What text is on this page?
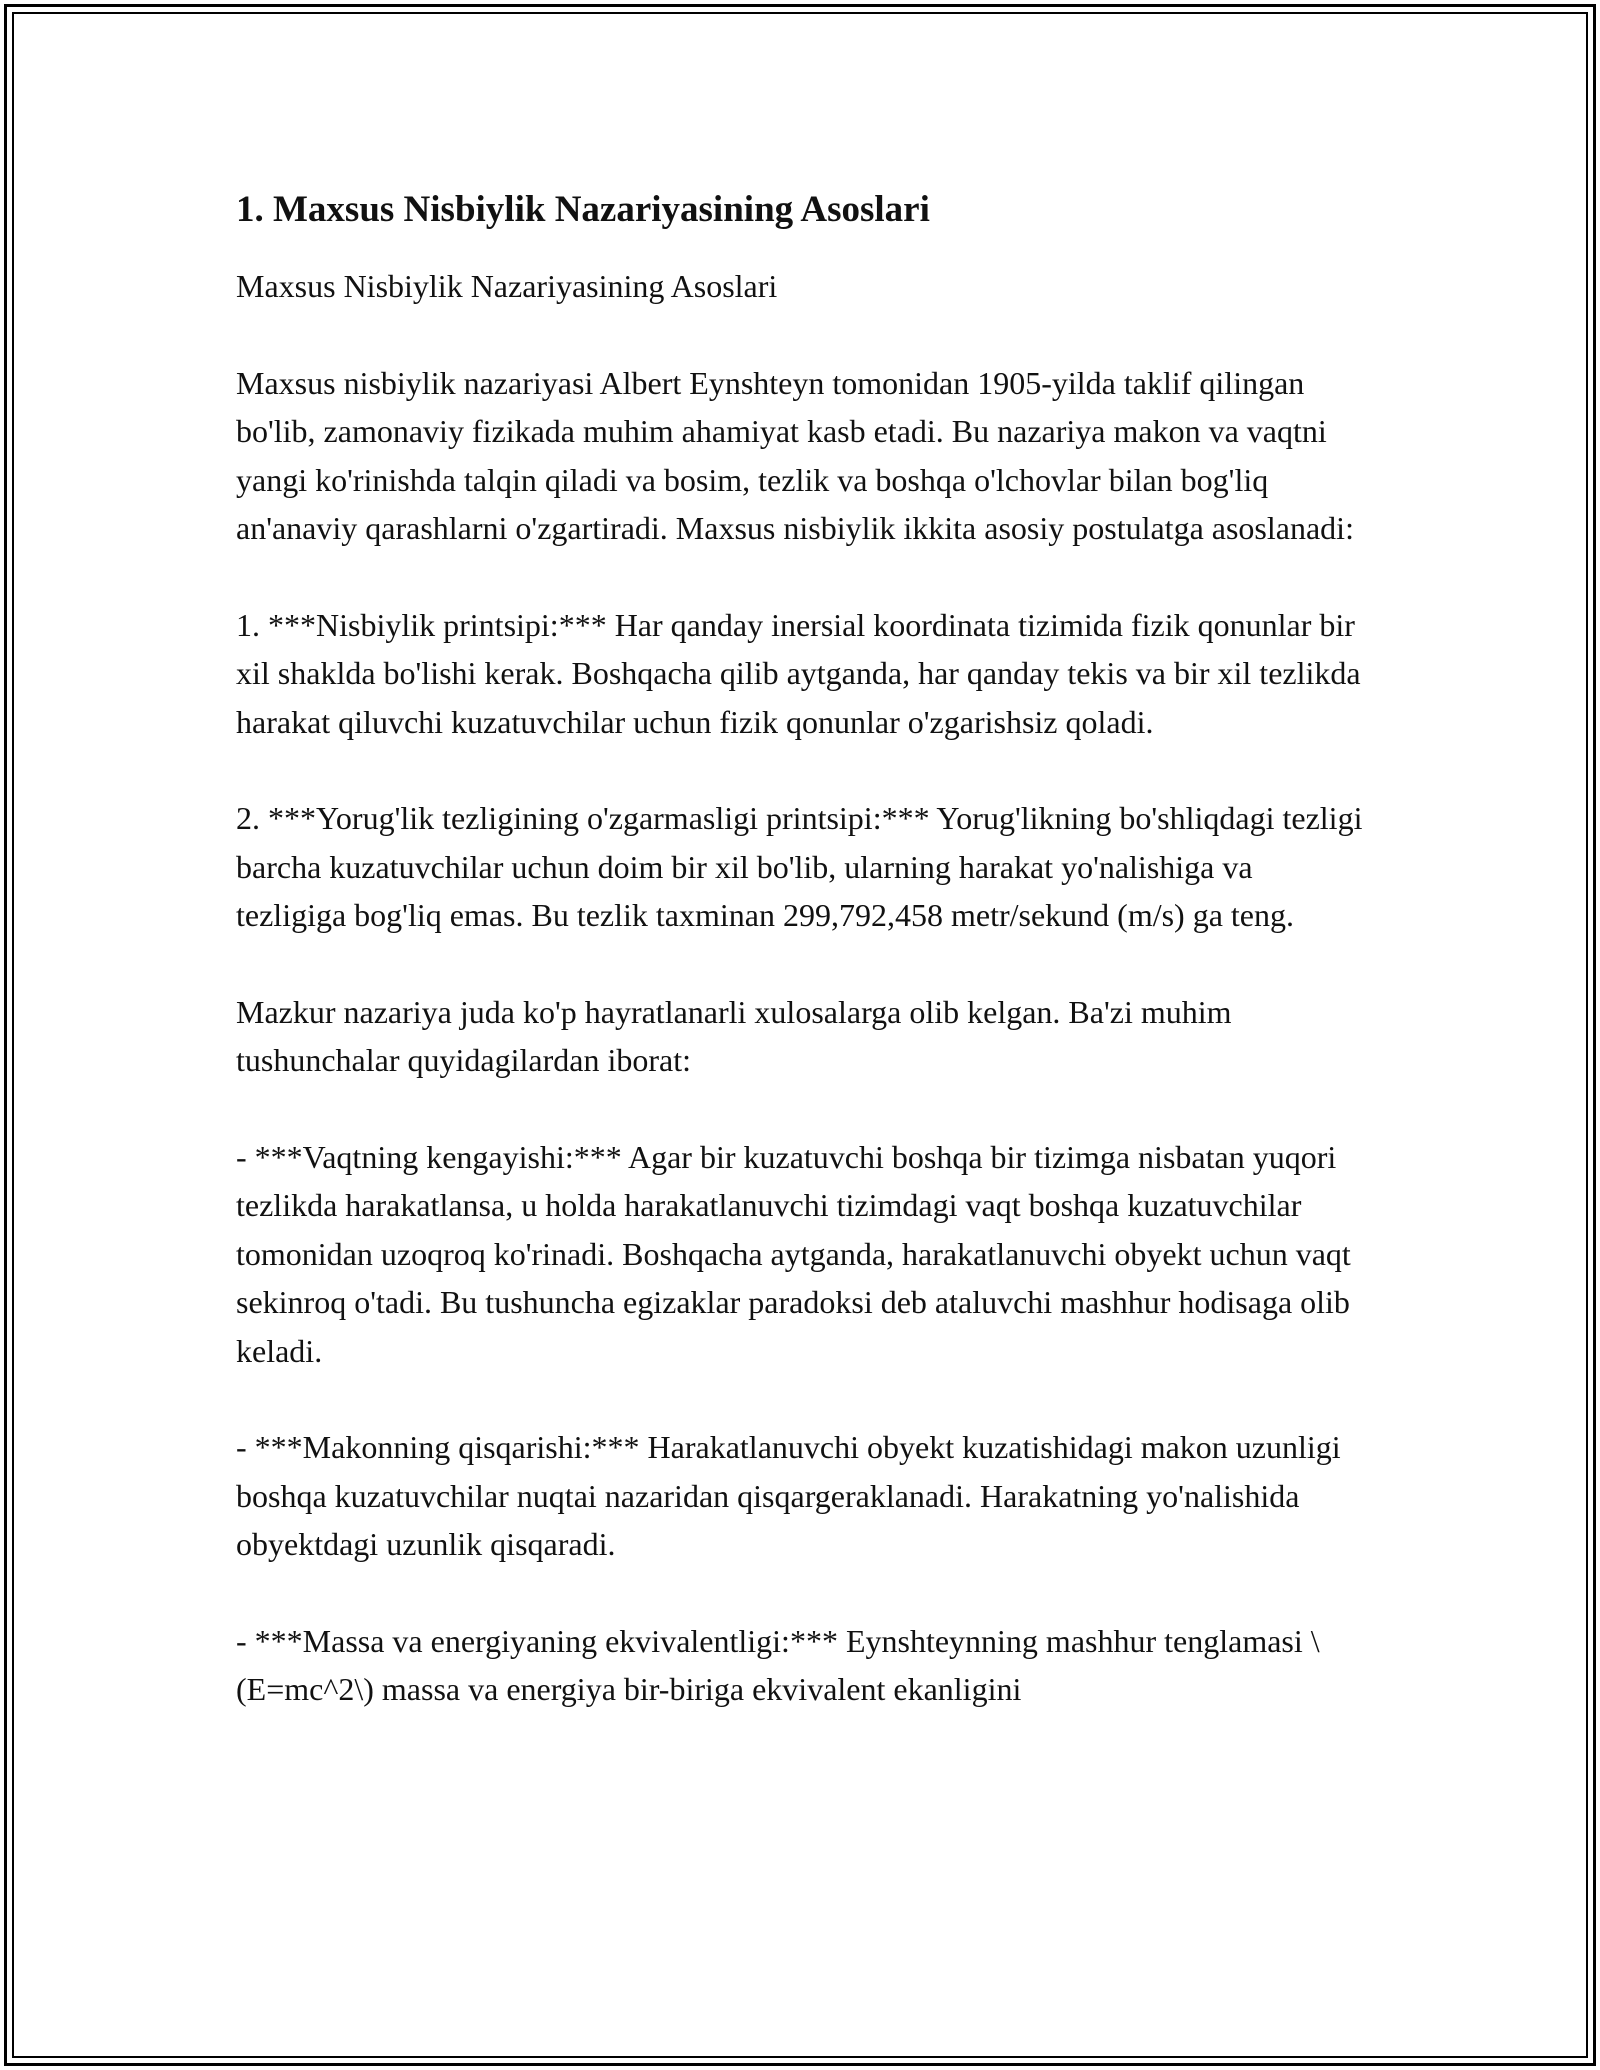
1. Maxsus Nisbiylik Nazariyasining Asoslari

Maxsus Nisbiylik Nazariyasining Asoslari

Maxsus nisbiylik nazariyasi Albert Eynshteyn tomonidan 1905-yilda taklif qilingan bo'lib, zamonaviy fizikada muhim ahamiyat kasb etadi. Bu nazariya makon va vaqtni yangi ko'rinishda talqin qiladi va bosim, tezlik va boshqa o'lchovlar bilan bog'liq an'anaviy qarashlarni o'zgartiradi. Maxsus nisbiylik ikkita asosiy postulatga asoslanadi:

1. ***Nisbiylik printsipi:*** Har qanday inersial koordinata tizimida fizik qonunlar bir xil shaklda bo'lishi kerak. Boshqacha qilib aytganda, har qanday tekis va bir xil tezlikda harakat qiluvchi kuzatuvchilar uchun fizik qonunlar o'zgarishsiz qoladi.

2. ***Yorug'lik tezligining o'zgarmasligi printsipi:*** Yorug'likning bo'shliqdagi tezligi barcha kuzatuvchilar uchun doim bir xil bo'lib, ularning harakat yo'nalishiga va tezligiga bog'liq emas. Bu tezlik taxminan 299,792,458 metr/sekund (m/s) ga teng.

Mazkur nazariya juda ko'p hayratlanarli xulosalarga olib kelgan. Ba'zi muhim tushunchalar quyidagilardan iborat:

- ***Vaqtning kengayishi:*** Agar bir kuzatuvchi boshqa bir tizimga nisbatan yuqori tezlikda harakatlansa, u holda harakatlanuvchi tizimdagi vaqt boshqa kuzatuvchilar tomonidan uzoqroq ko'rinadi. Boshqacha aytganda, harakatlanuvchi obyekt uchun vaqt sekinroq o'tadi. Bu tushuncha egizaklar paradoksi deb ataluvchi mashhur hodisaga olib keladi.

- ***Makonning qisqarishi:*** Harakatlanuvchi obyekt kuzatishidagi makon uzunligi boshqa kuzatuvchilar nuqtai nazaridan qisqargeraklanadi. Harakatning yo'nalishida obyektdagi uzunlik qisqaradi.

- ***Massa va energiyaning ekvivalentligi:*** Eynshteynning mashhur tenglamasi \(E=mc^2\) massa va energiya bir-biriga ekvivalent ekanligini
